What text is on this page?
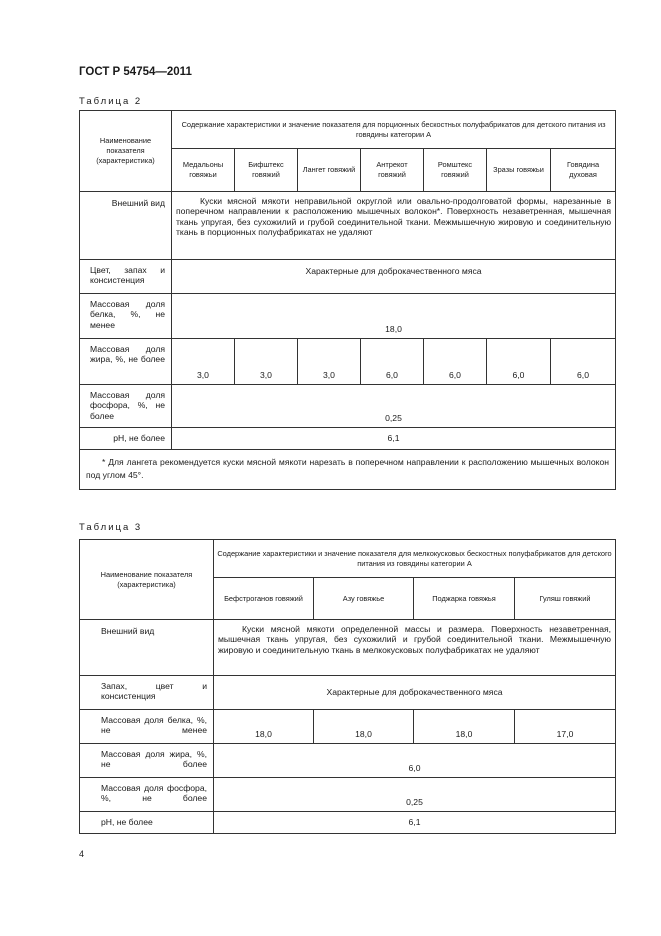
ГОСТ Р 54754—2011
Таблица 2
Наименование показателя (характеристика)	Содержание характеристики и значение показателя для порционных бескостных полуфабрикатов для детского питания из говядины категории А						
	Медальоны говяжьи	Бифштекс говяжий	Лангет говяжий	Антрекот говяжий	Ромштекс говяжий	Зразы говяжьи	Говядина духовая
Внешний вид	Куски мясной мякоти неправильной округлой или овально-продолговатой формы, нарезанные в поперечном направлении к расположению мышечных волокон*. Поверхность незаветренная, мышечная ткань упругая, без сухожилий и грубой соединительной ткани. Межмышечную жировую и соединительную ткань в порционных полуфабрикатах не удаляют						
Цвет, запах и консистенция	Характерные для доброкачественного мяса						
Массовая доля белка, %, не менее	18,0						
Массовая доля жира, %, не более	3,0	3,0	3,0	6,0	6,0	6,0	6,0
Массовая доля фосфора, %, не более	0,25						
pH, не более	6,1						
* Для лангета рекомендуется куски мясной мякоти нарезать в поперечном направлении к расположению мышечных волокон под углом 45°.							
Таблица 3
Наименование показателя (характеристика)	Содержание характеристики и значение показателя для мелкокусковых бескостных полуфабрикатов для детского питания из говядины категории А			
	Бефстроганов говяжий	Азу говяжье	Поджарка говяжья	Гуляш говяжий
Внешний вид	Куски мясной мякоти определенной массы и размера. Поверхность незаветренная, мышечная ткань упругая, без сухожилий и грубой соединительной ткани. Межмышечную жировую и соединительную ткань в мелкокусковых полуфабрикатах не удаляют			
Запах, цвет и консистенция	Характерные для доброкачественного мяса			
Массовая доля белка, %, не менее	18,0	18,0	18,0	17,0
Массовая доля жира, %, не более	6,0			
Массовая доля фосфора, %, не более	0,25			
pH, не более	6,1			
4
